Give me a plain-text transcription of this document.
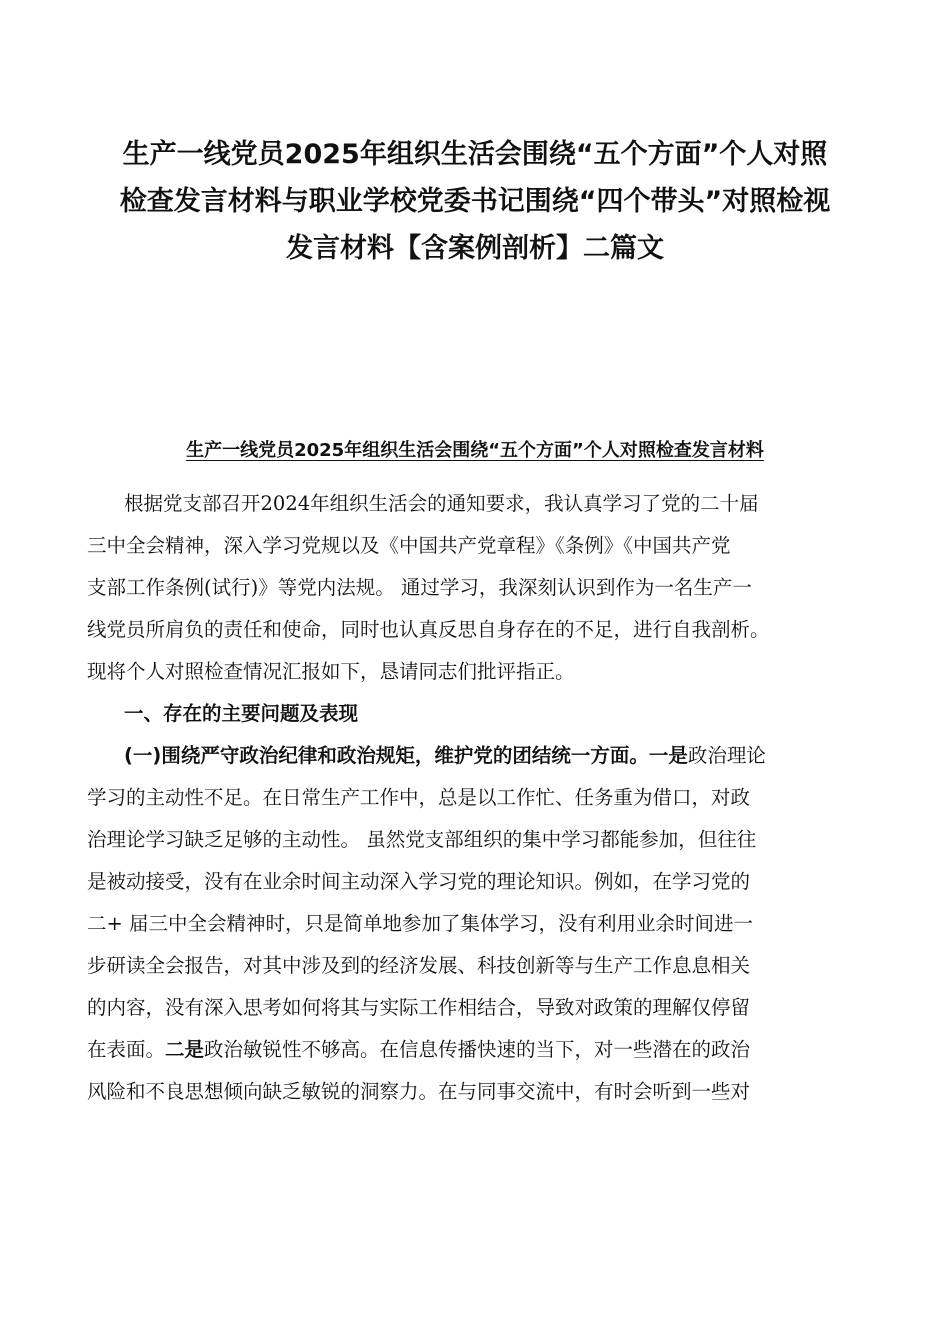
生产一线党员2025年组织生活会围绕“五个方面”个人对照
检查发言材料与职业学校党委书记围绕“四个带头”对照检视
发言材料【含案例剖析】二篇文
生产一线党员2025年组织生活会围绕“五个方面”个人对照检查发言材料
根据党支部召开2024年组织生活会的通知要求，我认真学习了党的二十届
三中全会精神，深入学习党规以及《中国共产党章程》《条例》《中国共产党
支部工作条例(试行)》等党内法规。 通过学习，我深刻认识到作为一名生产一
线党员所肩负的责任和使命，同时也认真反思自身存在的不足，进行自我剖析。
现将个人对照检查情况汇报如下，恳请同志们批评指正。
一、存在的主要问题及表现
(一)围绕严守政治纪律和政治规矩，维护党的团结统一方面。一是政治理论
学习的主动性不足。在日常生产工作中，总是以工作忙、任务重为借口，对政
治理论学习缺乏足够的主动性。 虽然党支部组织的集中学习都能参加，但往往
是被动接受，没有在业余时间主动深入学习党的理论知识。例如，在学习党的
二+ 届三中全会精神时，只是简单地参加了集体学习，没有利用业余时间进一
步研读全会报告，对其中涉及到的经济发展、科技创新等与生产工作息息相关
的内容，没有深入思考如何将其与实际工作相结合，导致对政策的理解仅停留
在表面。二是政治敏锐性不够高。在信息传播快速的当下，对一些潜在的政治
风险和不良思想倾向缺乏敏锐的洞察力。在与同事交流中，有时会听到一些对
